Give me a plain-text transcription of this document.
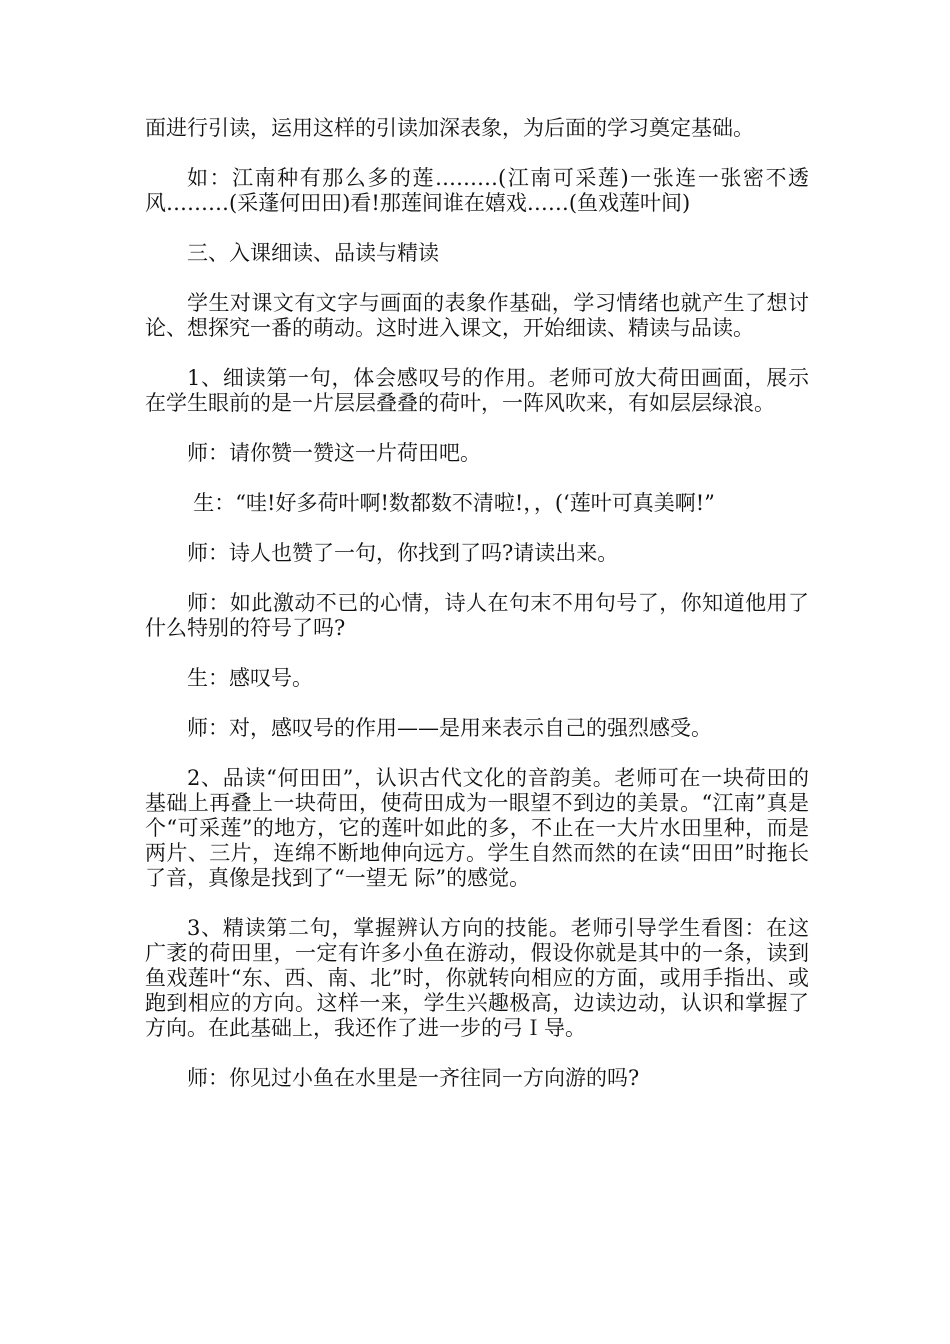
面进行引读，运用这样的引读加深表象，为后面的学习奠定基础。

如：江南种有那么多的莲………(江南可采莲)一张连一张密不透风………(采蓬何田田)看!那莲间谁在嬉戏……(鱼戏莲叶间)

三、入课细读、品读与精读

学生对课文有文字与画面的表象作基础，学习情绪也就产生了想讨论、想探究一番的萌动。这时进入课文，开始细读、精读与品读。

1、细读第一句，体会感叹号的作用。老师可放大荷田画面，展示在学生眼前的是一片层层叠叠的荷叶，一阵风吹来，有如层层绿浪。

师：请你赞一赞这一片荷田吧。

生：“哇!好多荷叶啊!数都数不清啦!，，(‘莲叶可真美啊!”

师：诗人也赞了一句，你找到了吗?请读出来。

师：如此激动不已的心情，诗人在句末不用句号了，你知道他用了什么特别的符号了吗?

生：感叹号。

师：对，感叹号的作用——是用来表示自己的强烈感受。

2、品读“何田田”，认识古代文化的音韵美。老师可在一块荷田的基础上再叠上一块荷田，使荷田成为一眼望不到边的美景。“江南”真是个“可采莲”的地方，它的莲叶如此的多，不止在一大片水田里种，而是两片、三片，连绵不断地伸向远方。学生自然而然的在读“田田”时拖长了音，真像是找到了“一望无 际”的感觉。

3、精读第二句，掌握辨认方向的技能。老师引导学生看图：在这广袤的荷田里，一定有许多小鱼在游动，假设你就是其中的一条，读到鱼戏莲叶“东、西、南、北”时，你就转向相应的方面，或用手指出、或跑到相应的方向。这样一来，学生兴趣极高，边读边动，认识和掌握了方向。在此基础上，我还作了进一步的弓Ｉ导。

师：你见过小鱼在水里是一齐往同一方向游的吗?
